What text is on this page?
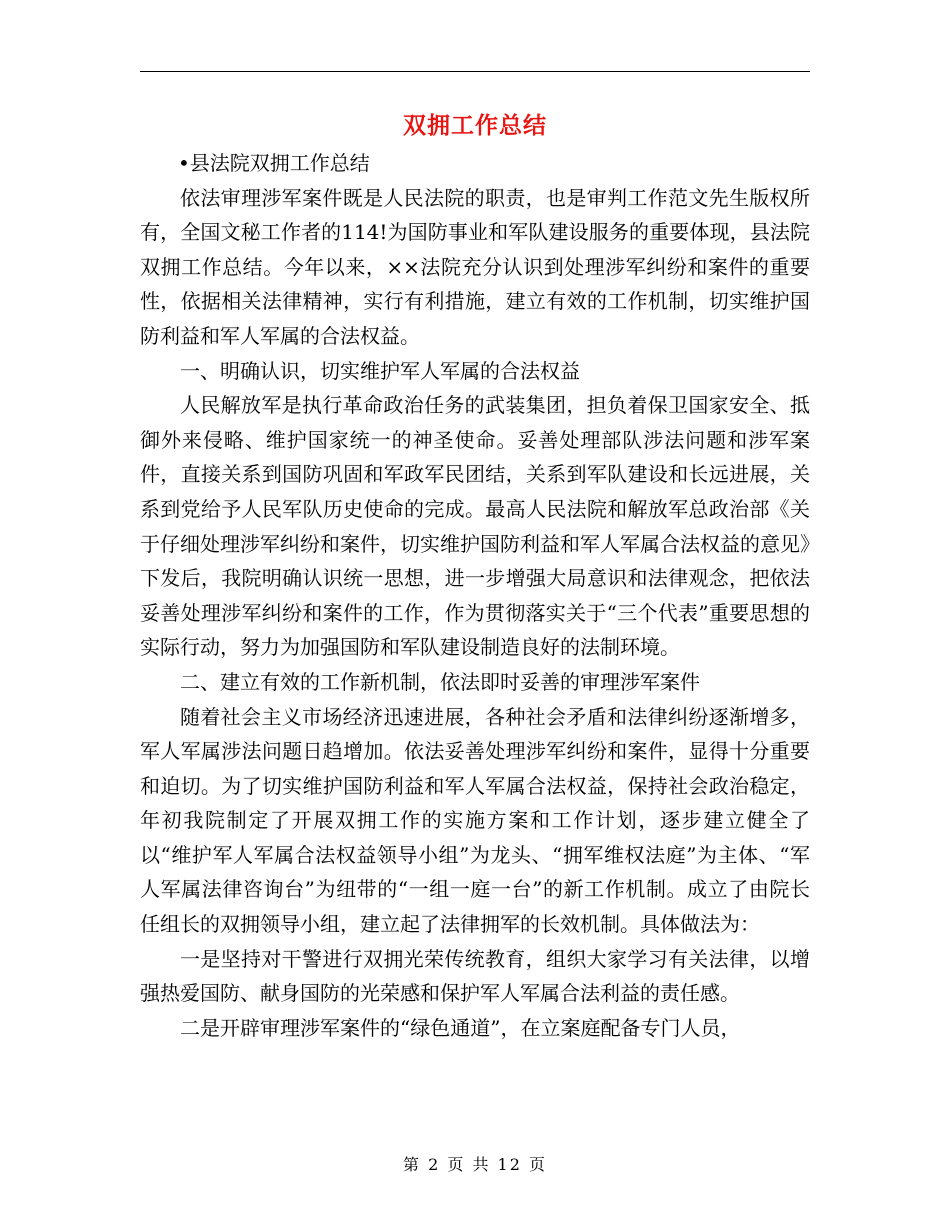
双拥工作总结

•县法院双拥工作总结

依法审理涉军案件既是人民法院的职责，也是审判工作范文先生版权所有，全国文秘工作者的114!为国防事业和军队建设服务的重要体现，县法院双拥工作总结。今年以来，××法院充分认识到处理涉军纠纷和案件的重要性，依据相关法律精神，实行有利措施，建立有效的工作机制，切实维护国防利益和军人军属的合法权益。

一、明确认识，切实维护军人军属的合法权益

人民解放军是执行革命政治任务的武装集团，担负着保卫国家安全、抵御外来侵略、维护国家统一的神圣使命。妥善处理部队涉法问题和涉军案件，直接关系到国防巩固和军政军民团结，关系到军队建设和长远进展，关系到党给予人民军队历史使命的完成。最高人民法院和解放军总政治部《关于仔细处理涉军纠纷和案件，切实维护国防利益和军人军属合法权益的意见》下发后，我院明确认识统一思想，进一步增强大局意识和法律观念，把依法妥善处理涉军纠纷和案件的工作，作为贯彻落实关于“三个代表”重要思想的实际行动，努力为加强国防和军队建设制造良好的法制环境。

二、建立有效的工作新机制，依法即时妥善的审理涉军案件

随着社会主义市场经济迅速进展，各种社会矛盾和法律纠纷逐渐增多，军人军属涉法问题日趋增加。依法妥善处理涉军纠纷和案件，显得十分重要和迫切。为了切实维护国防利益和军人军属合法权益，保持社会政治稳定，年初我院制定了开展双拥工作的实施方案和工作计划，逐步建立健全了以“维护军人军属合法权益领导小组”为龙头、“拥军维权法庭”为主体、“军人军属法律咨询台”为纽带的“一组一庭一台”的新工作机制。成立了由院长任组长的双拥领导小组，建立起了法律拥军的长效机制。具体做法为：

一是坚持对干警进行双拥光荣传统教育，组织大家学习有关法律，以增强热爱国防、献身国防的光荣感和保护军人军属合法利益的责任感。

二是开辟审理涉军案件的“绿色通道”，在立案庭配备专门人员，

第 2 页 共 12 页
